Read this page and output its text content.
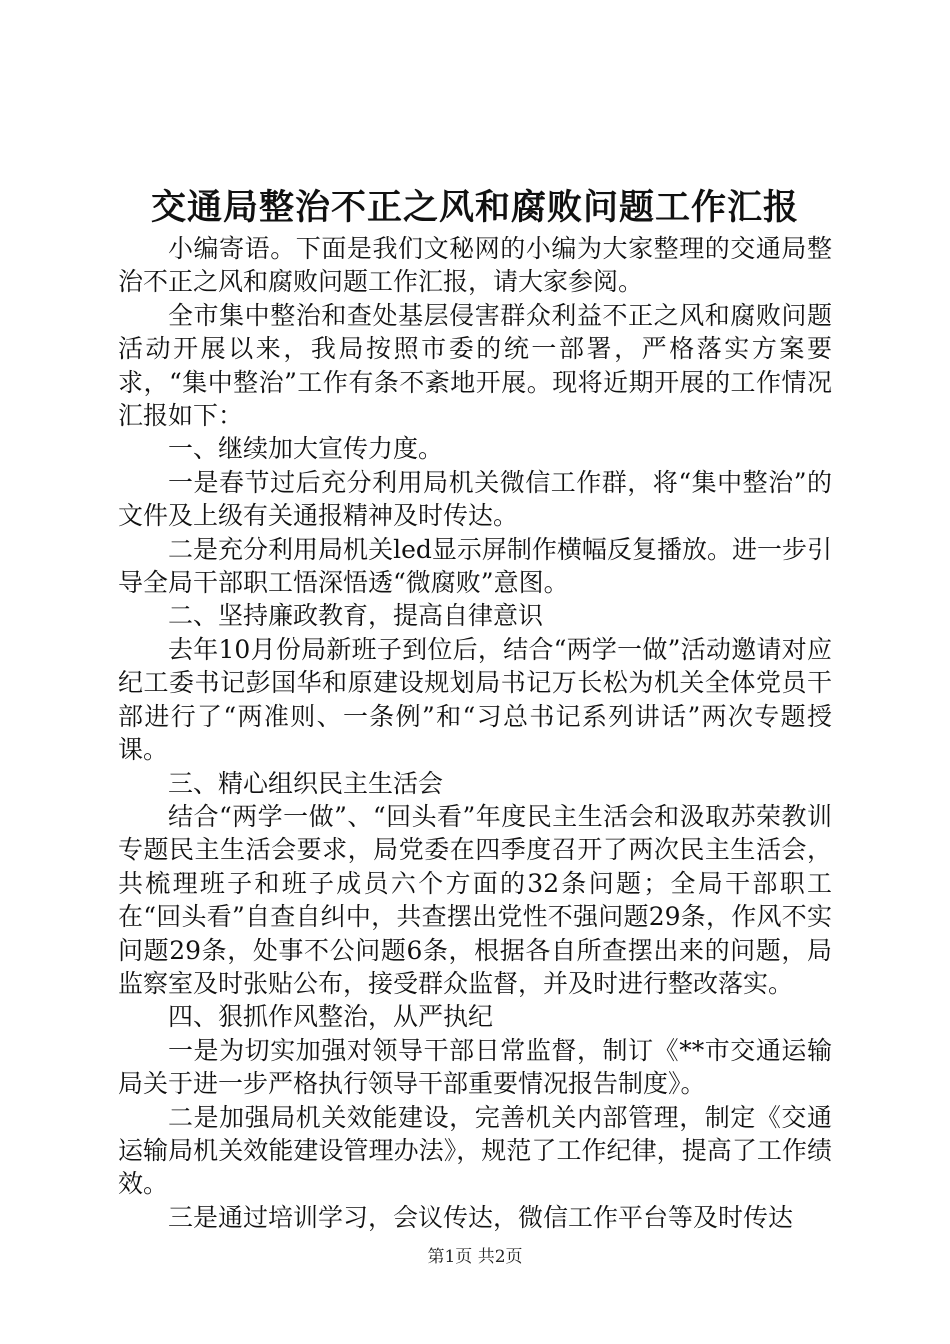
交通局整治不正之风和腐败问题工作汇报

小编寄语。下面是我们文秘网的小编为大家整理的交通局整治不正之风和腐败问题工作汇报，请大家参阅。

全市集中整治和查处基层侵害群众利益不正之风和腐败问题活动开展以来，我局按照市委的统一部署，严格落实方案要求，“集中整治”工作有条不紊地开展。现将近期开展的工作情况汇报如下：

一、继续加大宣传力度。

一是春节过后充分利用局机关微信工作群，将“集中整治”的文件及上级有关通报精神及时传达。

二是充分利用局机关led显示屏制作横幅反复播放。进一步引导全局干部职工悟深悟透“微腐败”意图。

二、坚持廉政教育，提高自律意识

去年10月份局新班子到位后，结合“两学一做”活动邀请对应纪工委书记彭国华和原建设规划局书记万长松为机关全体党员干部进行了“两准则、一条例”和“习总书记系列讲话”两次专题授课。

三、精心组织民主生活会

结合“两学一做”、“回头看”年度民主生活会和汲取苏荣教训专题民主生活会要求，局党委在四季度召开了两次民主生活会，共梳理班子和班子成员六个方面的32条问题；全局干部职工在“回头看”自查自纠中，共查摆出党性不强问题29条，作风不实问题29条，处事不公问题6条，根据各自所查摆出来的问题，局监察室及时张贴公布，接受群众监督，并及时进行整改落实。

四、狠抓作风整治，从严执纪

一是为切实加强对领导干部日常监督，制订《**市交通运输局关于进一步严格执行领导干部重要情况报告制度》。

二是加强局机关效能建设，完善机关内部管理，制定《交通运输局机关效能建设管理办法》，规范了工作纪律，提高了工作绩效。

三是通过培训学习，会议传达，微信工作平台等及时传达

第1页 共2页
